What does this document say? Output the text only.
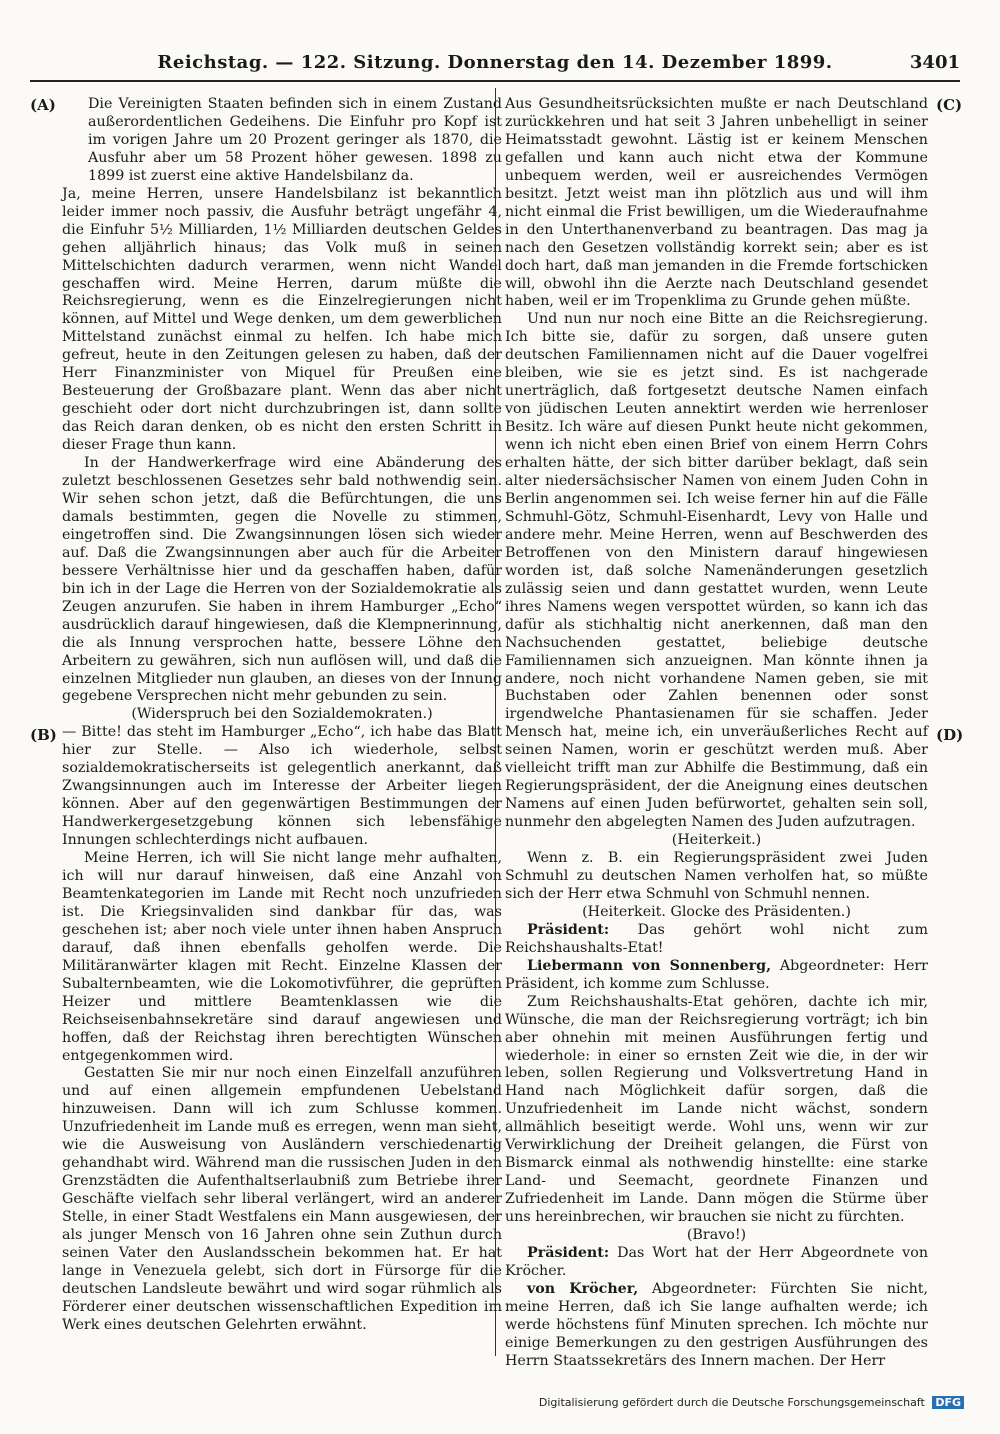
Reichstag. — 122. Sitzung. Donnerstag den 14. Dezember 1899.	3401
(A)
(B)
(C)
(D)

Die Vereinigten Staaten befinden sich in einem Zustand außerordentlichen Gedeihens. Die Einfuhr pro Kopf ist im vorigen Jahre um 20 Prozent geringer als 1870, die Ausfuhr aber um 58 Prozent höher gewesen. 1898 zu 1899 ist zuerst eine aktive Handelsbilanz da.

Ja, meine Herren, unsere Handelsbilanz ist bekanntlich leider immer noch passiv, die Ausfuhr beträgt ungefähr 4, die Einfuhr 5½ Milliarden, 1½ Milliarden deutschen Geldes gehen alljährlich hinaus; das Volk muß in seinen Mittelschichten dadurch verarmen, wenn nicht Wandel geschaffen wird. Meine Herren, darum müßte die Reichsregierung, wenn es die Einzelregierungen nicht können, auf Mittel und Wege denken, um dem gewerblichen Mittelstand zunächst einmal zu helfen. Ich habe mich gefreut, heute in den Zeitungen gelesen zu haben, daß der Herr Finanzminister von Miquel für Preußen eine Besteuerung der Großbazare plant. Wenn das aber nicht geschieht oder dort nicht durchzubringen ist, dann sollte das Reich daran denken, ob es nicht den ersten Schritt in dieser Frage thun kann.

In der Handwerkerfrage wird eine Abänderung des zuletzt beschlossenen Gesetzes sehr bald nothwendig sein. Wir sehen schon jetzt, daß die Befürchtungen, die uns damals bestimmten, gegen die Novelle zu stimmen, eingetroffen sind. Die Zwangsinnungen lösen sich wieder auf. Daß die Zwangsinnungen aber auch für die Arbeiter bessere Verhältnisse hier und da geschaffen haben, dafür bin ich in der Lage die Herren von der Sozialdemokratie als Zeugen anzurufen. Sie haben in ihrem Hamburger „Echo“ ausdrücklich darauf hingewiesen, daß die Klempnerinnung, die als Innung versprochen hatte, bessere Löhne den Arbeitern zu gewähren, sich nun auflösen will, und daß die einzelnen Mitglieder nun glauben, an dieses von der Innung gegebene Versprechen nicht mehr gebunden zu sein.

(Widerspruch bei den Sozialdemokraten.)

— Bitte! das steht im Hamburger „Echo“, ich habe das Blatt hier zur Stelle. — Also ich wiederhole, selbst sozialdemokratischerseits ist gelegentlich anerkannt, daß Zwangsinnungen auch im Interesse der Arbeiter liegen können. Aber auf den gegenwärtigen Bestimmungen der Handwerkergesetzgebung können sich lebensfähige Innungen schlechterdings nicht aufbauen.

Meine Herren, ich will Sie nicht lange mehr aufhalten, ich will nur darauf hinweisen, daß eine Anzahl von Beamtenkategorien im Lande mit Recht noch unzufrieden ist. Die Kriegsinvaliden sind dankbar für das, was geschehen ist; aber noch viele unter ihnen haben Anspruch darauf, daß ihnen ebenfalls geholfen werde. Die Militäranwärter klagen mit Recht. Einzelne Klassen der Subalternbeamten, wie die Lokomotivführer, die geprüften Heizer und mittlere Beamtenklassen wie die Reichseisenbahnsekretäre sind darauf angewiesen und hoffen, daß der Reichstag ihren berechtigten Wünschen entgegenkommen wird.

Gestatten Sie mir nur noch einen Einzelfall anzuführen und auf einen allgemein empfundenen Uebelstand hinzuweisen. Dann will ich zum Schlusse kommen. Unzufriedenheit im Lande muß es erregen, wenn man sieht, wie die Ausweisung von Ausländern verschiedenartig gehandhabt wird. Während man die russischen Juden in den Grenzstädten die Aufenthaltserlaubniß zum Betriebe ihrer Geschäfte vielfach sehr liberal verlängert, wird an anderer Stelle, in einer Stadt Westfalens ein Mann ausgewiesen, der als junger Mensch von 16 Jahren ohne sein Zuthun durch seinen Vater den Auslandsschein bekommen hat. Er hat lange in Venezuela gelebt, sich dort in Fürsorge für die deutschen Landsleute bewährt und wird sogar rühmlich als Förderer einer deutschen wissenschaftlichen Expedition im Werk eines deutschen Gelehrten erwähnt.

Aus Gesundheitsrücksichten mußte er nach Deutschland zurückkehren und hat seit 3 Jahren unbehelligt in seiner Heimatsstadt gewohnt. Lästig ist er keinem Menschen gefallen und kann auch nicht etwa der Kommune unbequem werden, weil er ausreichendes Vermögen besitzt. Jetzt weist man ihn plötzlich aus und will ihm nicht einmal die Frist bewilligen, um die Wiederaufnahme in den Unterthanenverband zu beantragen. Das mag ja nach den Gesetzen vollständig korrekt sein; aber es ist doch hart, daß man jemanden in die Fremde fortschicken will, obwohl ihn die Aerzte nach Deutschland gesendet haben, weil er im Tropenklima zu Grunde gehen müßte.

Und nun nur noch eine Bitte an die Reichsregierung. Ich bitte sie, dafür zu sorgen, daß unsere guten deutschen Familiennamen nicht auf die Dauer vogelfrei bleiben, wie sie es jetzt sind. Es ist nachgerade unerträglich, daß fortgesetzt deutsche Namen einfach von jüdischen Leuten annektirt werden wie herrenloser Besitz. Ich wäre auf diesen Punkt heute nicht gekommen, wenn ich nicht eben einen Brief von einem Herrn Cohrs erhalten hätte, der sich bitter darüber beklagt, daß sein alter niedersächsischer Namen von einem Juden Cohn in Berlin angenommen sei. Ich weise ferner hin auf die Fälle Schmuhl-Götz, Schmuhl-Eisenhardt, Levy von Halle und andere mehr. Meine Herren, wenn auf Beschwerden des Betroffenen von den Ministern darauf hingewiesen worden ist, daß solche Namenänderungen gesetzlich zulässig seien und dann gestattet wurden, wenn Leute ihres Namens wegen verspottet würden, so kann ich das dafür als stichhaltig nicht anerkennen, daß man den Nachsuchenden gestattet, beliebige deutsche Familiennamen sich anzueignen. Man könnte ihnen ja andere, noch nicht vorhandene Namen geben, sie mit Buchstaben oder Zahlen benennen oder sonst irgendwelche Phantasienamen für sie schaffen. Jeder Mensch hat, meine ich, ein unveräußerliches Recht auf seinen Namen, worin er geschützt werden muß. Aber vielleicht trifft man zur Abhilfe die Bestimmung, daß ein Regierungspräsident, der die Aneignung eines deutschen Namens auf einen Juden befürwortet, gehalten sein soll, nunmehr den abgelegten Namen des Juden aufzutragen.

(Heiterkeit.)

Wenn z. B. ein Regierungspräsident zwei Juden Schmuhl zu deutschen Namen verholfen hat, so müßte sich der Herr etwa Schmuhl von Schmuhl nennen.

(Heiterkeit. Glocke des Präsidenten.)

Präsident: Das gehört wohl nicht zum Reichshaushalts-Etat!

Liebermann von Sonnenberg, Abgeordneter: Herr Präsident, ich komme zum Schlusse.

Zum Reichshaushalts-Etat gehören, dachte ich mir, Wünsche, die man der Reichsregierung vorträgt; ich bin aber ohnehin mit meinen Ausführungen fertig und wiederhole: in einer so ernsten Zeit wie die, in der wir leben, sollen Regierung und Volksvertretung Hand in Hand nach Möglichkeit dafür sorgen, daß die Unzufriedenheit im Lande nicht wächst, sondern allmählich beseitigt werde. Wohl uns, wenn wir zur Verwirklichung der Dreiheit gelangen, die Fürst von Bismarck einmal als nothwendig hinstellte: eine starke Land- und Seemacht, geordnete Finanzen und Zufriedenheit im Lande. Dann mögen die Stürme über uns hereinbrechen, wir brauchen sie nicht zu fürchten.

(Bravo!)

Präsident: Das Wort hat der Herr Abgeordnete von Kröcher.

von Kröcher, Abgeordneter: Fürchten Sie nicht, meine Herren, daß ich Sie lange aufhalten werde; ich werde höchstens fünf Minuten sprechen. Ich möchte nur einige Bemerkungen zu den gestrigen Ausführungen des Herrn Staatssekretärs des Innern machen. Der Herr

Digitalisierung gefördert durch die Deutsche Forschungsgemeinschaft DFG
